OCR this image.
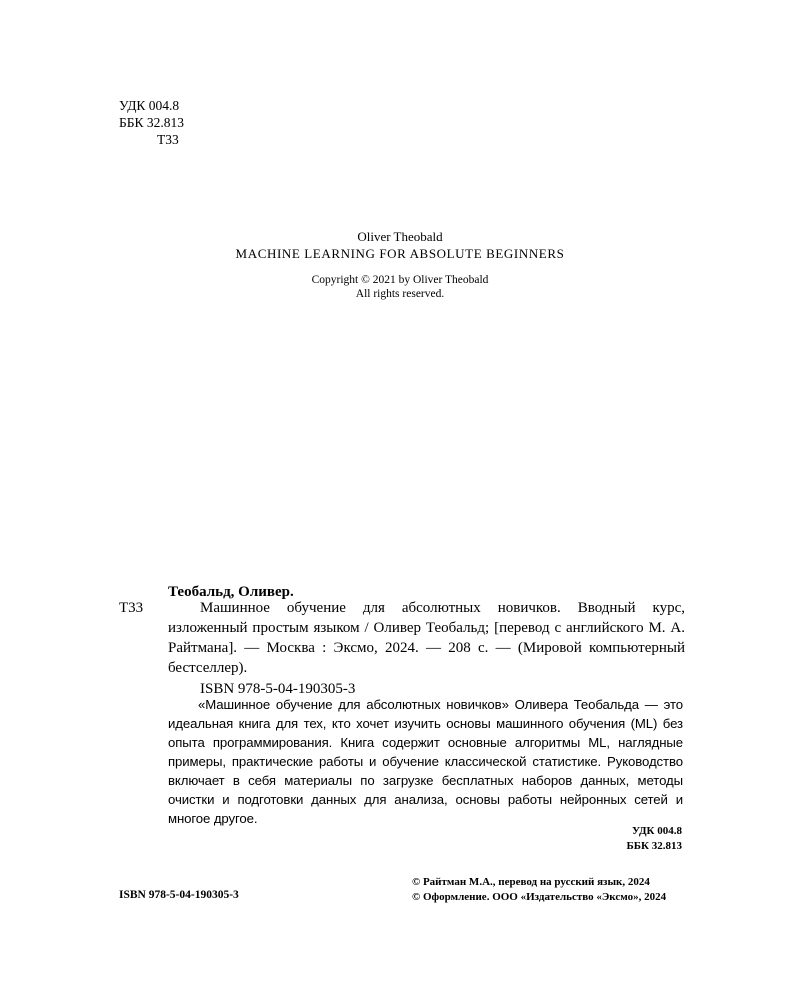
УДК 004.8
ББК 32.813
Т33
Oliver Theobald
MACHINE LEARNING FOR ABSOLUTE BEGINNERS
Copyright © 2021 by Oliver Theobald
All rights reserved.
Теобальд, Оливер.
Т33	Машинное обучение для абсолютных новичков. Вводный курс, изложенный простым языком / Оливер Теобальд; [перевод с английского М. А. Райтмана]. — Москва : Эксмо, 2024. — 208 с. — (Мировой компьютерный бестселлер).
ISBN 978-5-04-190305-3
«Машинное обучение для абсолютных новичков» Оливера Теобальда — это идеальная книга для тех, кто хочет изучить основы машинного обучения (ML) без опыта программирования. Книга содержит основные алгоритмы ML, наглядные примеры, практические работы и обучение классической статистике. Руководство включает в себя материалы по загрузке бесплатных наборов данных, методы очистки и подготовки данных для анализа, основы работы нейронных сетей и многое другое.
УДК 004.8
ББК 32.813
ISBN 978-5-04-190305-3
© Райтман М.А., перевод на русский язык, 2024
© Оформление. ООО «Издательство «Эксмо», 2024
